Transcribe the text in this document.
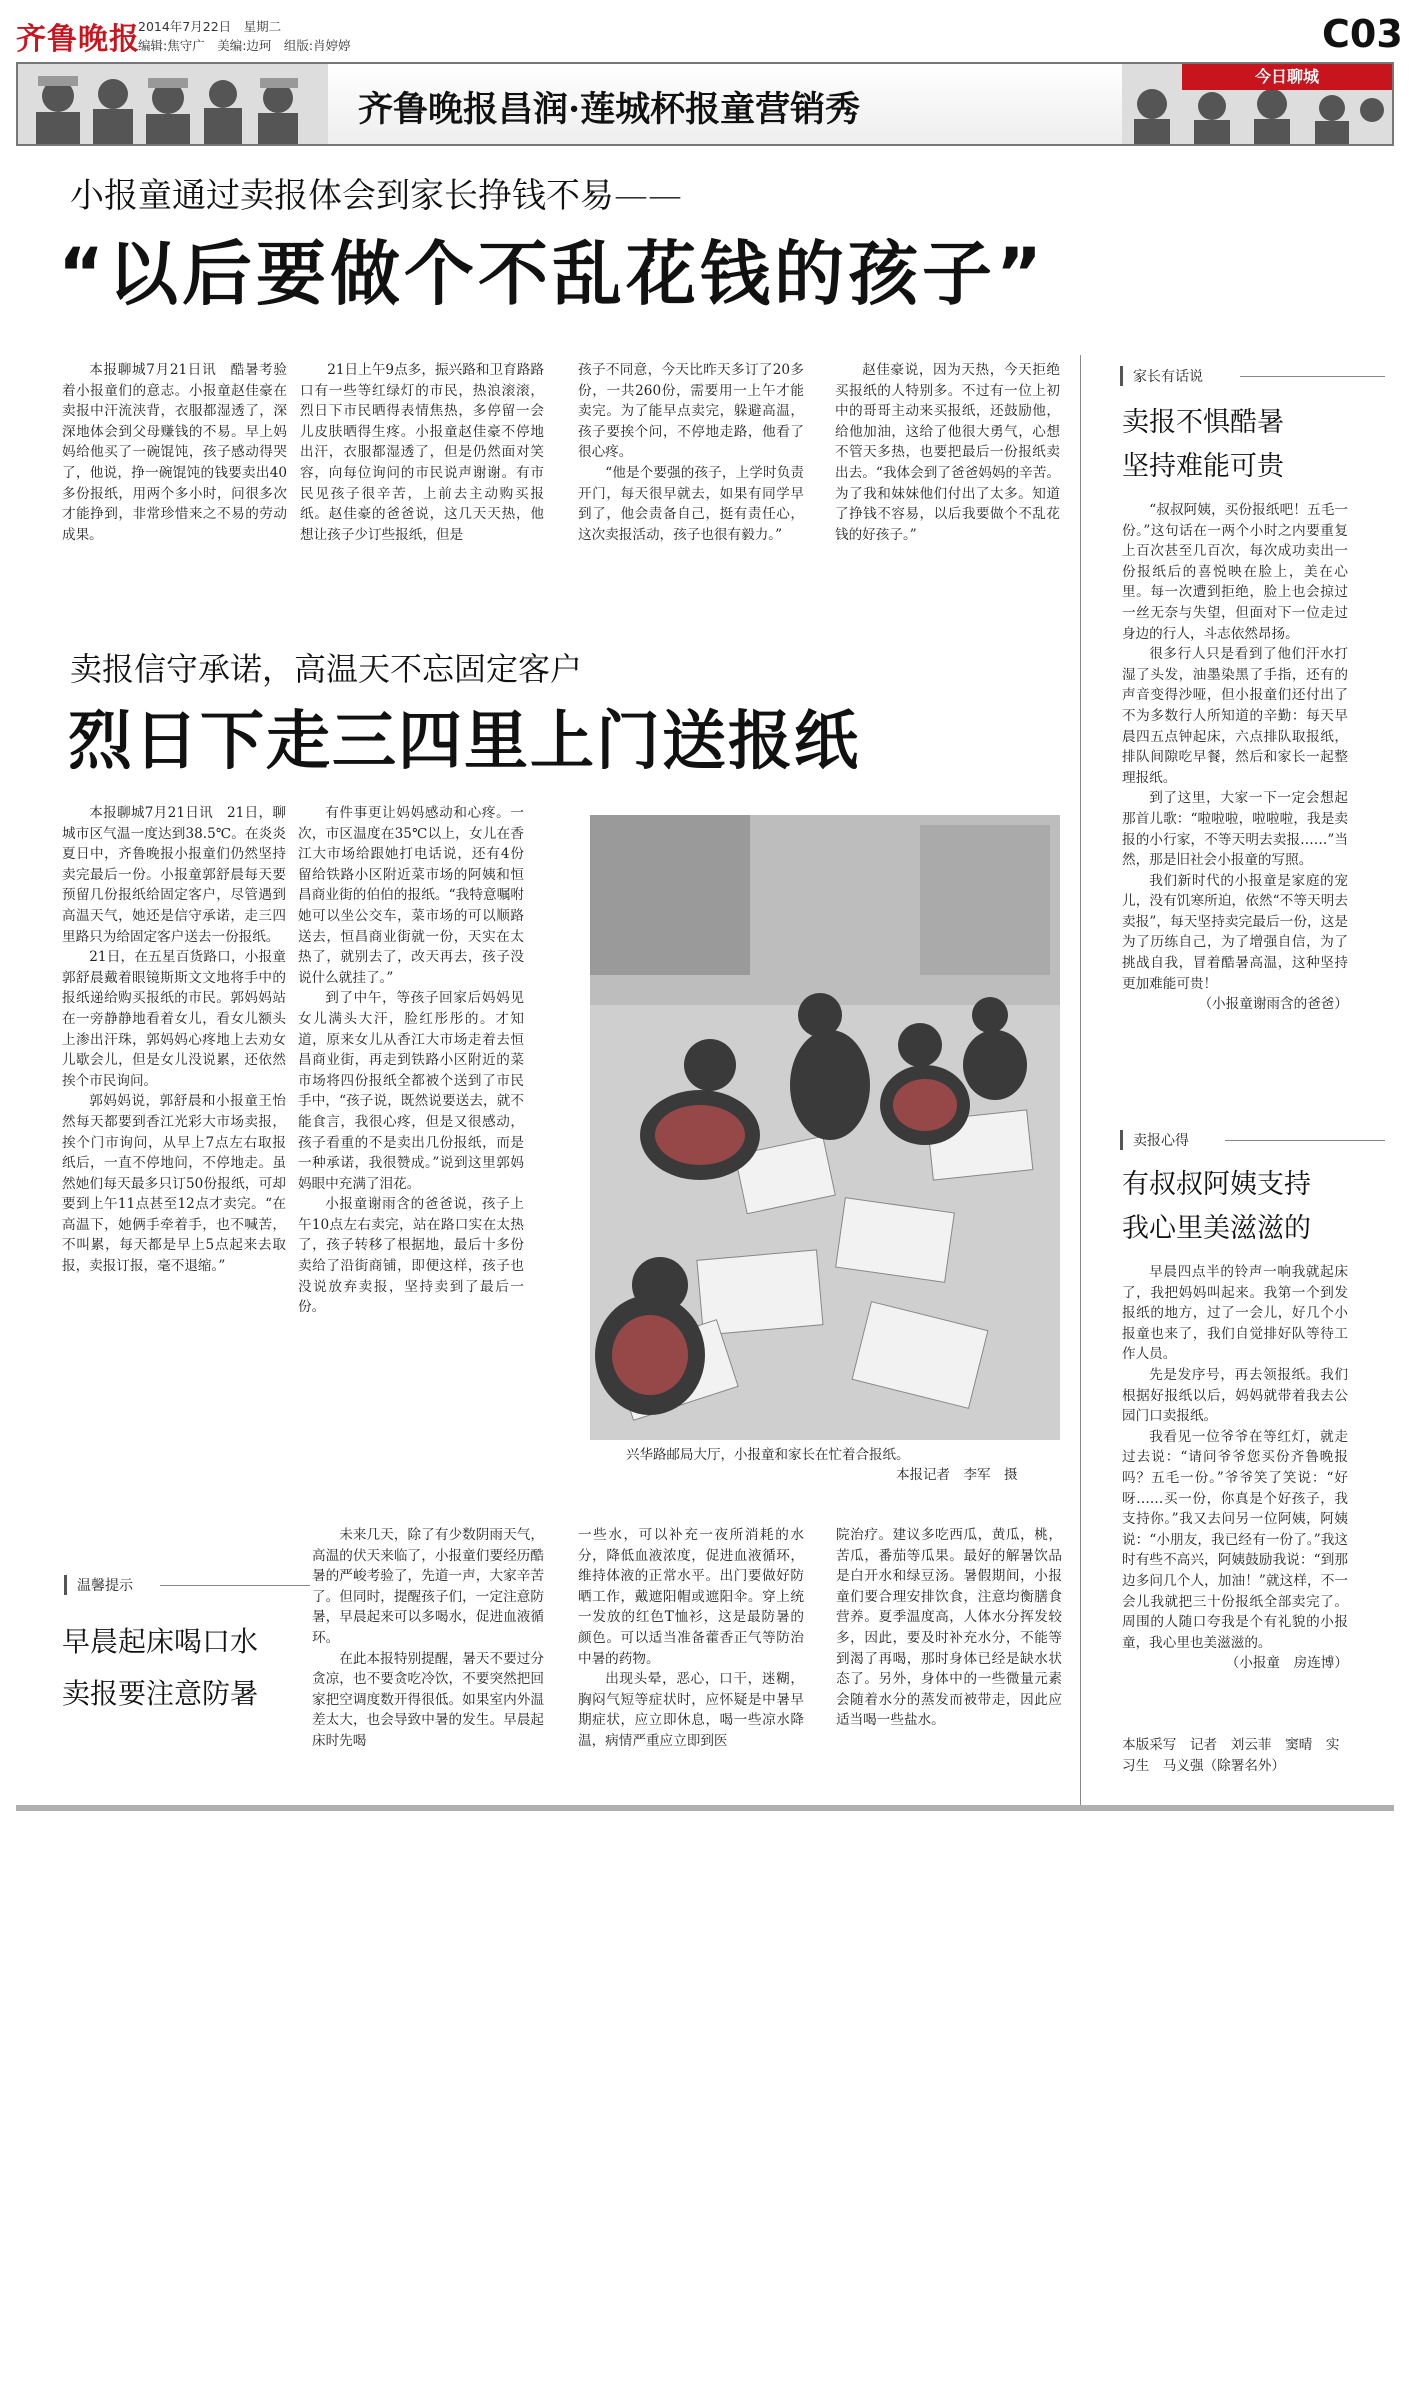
齐鲁晚报
2014年7月22日　星期二
编辑:焦守广　美编:边珂　组版:肖婷婷	C03
齐鲁晚报昌润·莲城杯报童营销秀
今日聊城
小报童通过卖报体会到家长挣钱不易——
“以后要做个不乱花钱的孩子”

本报聊城7月21日讯　酷暑考验着小报童们的意志。小报童赵佳豪在卖报中汗流浃背，衣服都湿透了，深深地体会到父母赚钱的不易。早上妈妈给他买了一碗馄饨，孩子感动得哭了，他说，挣一碗馄饨的钱要卖出40多份报纸，用两个多小时，问很多次才能挣到，非常珍惜来之不易的劳动成果。

21日上午9点多，振兴路和卫育路路口有一些等红绿灯的市民，热浪滚滚，烈日下市民晒得表情焦热，多停留一会儿皮肤晒得生疼。小报童赵佳豪不停地出汗，衣服都湿透了，但是仍然面对笑容，向每位询问的市民说声谢谢。有市民见孩子很辛苦，上前去主动购买报纸。赵佳豪的爸爸说，这几天天热，他想让孩子少订些报纸，但是

孩子不同意，今天比昨天多订了20多份，一共260份，需要用一上午才能卖完。为了能早点卖完，躲避高温，孩子要挨个问，不停地走路，他看了很心疼。

“他是个要强的孩子，上学时负责开门，每天很早就去，如果有同学早到了，他会责备自己，挺有责任心，这次卖报活动，孩子也很有毅力。”

赵佳豪说，因为天热，今天拒绝买报纸的人特别多。不过有一位上初中的哥哥主动来买报纸，还鼓励他，给他加油，这给了他很大勇气，心想不管天多热，也要把最后一份报纸卖出去。“我体会到了爸爸妈妈的辛苦。为了我和妹妹他们付出了太多。知道了挣钱不容易，以后我要做个不乱花钱的好孩子。”

卖报信守承诺，高温天不忘固定客户
烈日下走三四里上门送报纸

本报聊城7月21日讯　21日，聊城市区气温一度达到38.5℃。在炎炎夏日中，齐鲁晚报小报童们仍然坚持卖完最后一份。小报童郭舒晨每天要预留几份报纸给固定客户，尽管遇到高温天气，她还是信守承诺，走三四里路只为给固定客户送去一份报纸。

21日，在五星百货路口，小报童郭舒晨戴着眼镜斯斯文文地将手中的报纸递给购买报纸的市民。郭妈妈站在一旁静静地看着女儿，看女儿额头上渗出汗珠，郭妈妈心疼地上去劝女儿歇会儿，但是女儿没说累，还依然挨个市民询问。

郭妈妈说，郭舒晨和小报童王怡然每天都要到香江光彩大市场卖报，挨个门市询问，从早上7点左右取报纸后，一直不停地问，不停地走。虽然她们每天最多只订50份报纸，可却要到上午11点甚至12点才卖完。“在高温下，她俩手牵着手，也不喊苦，不叫累，每天都是早上5点起来去取报，卖报订报，毫不退缩。”

有件事更让妈妈感动和心疼。一次，市区温度在35℃以上，女儿在香江大市场给跟她打电话说，还有4份留给铁路小区附近菜市场的阿姨和恒昌商业街的伯伯的报纸。“我特意嘱咐她可以坐公交车，菜市场的可以顺路送去，恒昌商业街就一份，天实在太热了，就别去了，改天再去，孩子没说什么就挂了。”

到了中午，等孩子回家后妈妈见女儿满头大汗，脸红彤彤的。才知道，原来女儿从香江大市场走着去恒昌商业街，再走到铁路小区附近的菜市场将四份报纸全都被个送到了市民手中，“孩子说，既然说要送去，就不能食言，我很心疼，但是又很感动，孩子看重的不是卖出几份报纸，而是一种承诺，我很赞成。”说到这里郭妈妈眼中充满了泪花。

小报童谢雨含的爸爸说，孩子上午10点左右卖完，站在路口实在太热了，孩子转移了根据地，最后十多份卖给了沿街商铺，即便这样，孩子也没说放弃卖报，坚持卖到了最后一份。

兴华路邮局大厅，小报童和家长在忙着合报纸。
本报记者　李军　摄
家长有话说
卖报不惧酷暑
坚持难能可贵

“叔叔阿姨，买份报纸吧！五毛一份。”这句话在一两个小时之内要重复上百次甚至几百次，每次成功卖出一份报纸后的喜悦映在脸上，美在心里。每一次遭到拒绝，脸上也会掠过一丝无奈与失望，但面对下一位走过身边的行人，斗志依然昂扬。

很多行人只是看到了他们汗水打湿了头发，油墨染黑了手指，还有的声音变得沙哑，但小报童们还付出了不为多数行人所知道的辛勤：每天早晨四五点钟起床，六点排队取报纸，排队间隙吃早餐，然后和家长一起整理报纸。

到了这里，大家一下一定会想起那首儿歌：“啦啦啦，啦啦啦，我是卖报的小行家，不等天明去卖报……”当然，那是旧社会小报童的写照。

我们新时代的小报童是家庭的宠儿，没有饥寒所迫，依然“不等天明去卖报”，每天坚持卖完最后一份，这是为了历练自己，为了增强自信，为了挑战自我，冒着酷暑高温，这种坚持更加难能可贵！

（小报童谢雨含的爸爸）

卖报心得
有叔叔阿姨支持
我心里美滋滋的

早晨四点半的铃声一响我就起床了，我把妈妈叫起来。我第一个到发报纸的地方，过了一会儿，好几个小报童也来了，我们自觉排好队等待工作人员。

先是发序号，再去领报纸。我们根据好报纸以后，妈妈就带着我去公园门口卖报纸。

我看见一位爷爷在等红灯，就走过去说：“请问爷爷您买份齐鲁晚报吗？五毛一份。”爷爷笑了笑说：“好呀……买一份，你真是个好孩子，我支持你。”我又去问另一位阿姨，阿姨说：“小朋友，我已经有一份了。”我这时有些不高兴，阿姨鼓励我说：“到那边多问几个人，加油！”就这样，不一会儿我就把三十份报纸全部卖完了。周围的人随口夸我是个有礼貌的小报童，我心里也美滋滋的。

（小报童　房连博）

本版采写　记者　刘云菲　窦晴　实习生　马义强（除署名外）
温馨提示
早晨起床喝口水
卖报要注意防暑

未来几天，除了有少数阴雨天气，高温的伏天来临了，小报童们要经历酷暑的严峻考验了，先道一声，大家辛苦了。但同时，提醒孩子们，一定注意防暑，早晨起来可以多喝水，促进血液循环。

在此本报特别提醒，暑天不要过分贪凉，也不要贪吃冷饮，不要突然把回家把空调度数开得很低。如果室内外温差太大，也会导致中暑的发生。早晨起床时先喝

一些水，可以补充一夜所消耗的水分，降低血液浓度，促进血液循环，维持体液的正常水平。出门要做好防晒工作，戴遮阳帽或遮阳伞。穿上统一发放的红色T恤衫，这是最防暑的颜色。可以适当准备藿香正气等防治中暑的药物。

出现头晕，恶心，口干，迷糊，胸闷气短等症状时，应怀疑是中暑早期症状，应立即休息，喝一些凉水降温，病情严重应立即到医

院治疗。建议多吃西瓜，黄瓜，桃，苦瓜，番茄等瓜果。最好的解暑饮品是白开水和绿豆汤。暑假期间，小报童们要合理安排饮食，注意均衡膳食营养。夏季温度高，人体水分挥发较多，因此，要及时补充水分，不能等到渴了再喝，那时身体已经是缺水状态了。另外，身体中的一些微量元素会随着水分的蒸发而被带走，因此应适当喝一些盐水。
